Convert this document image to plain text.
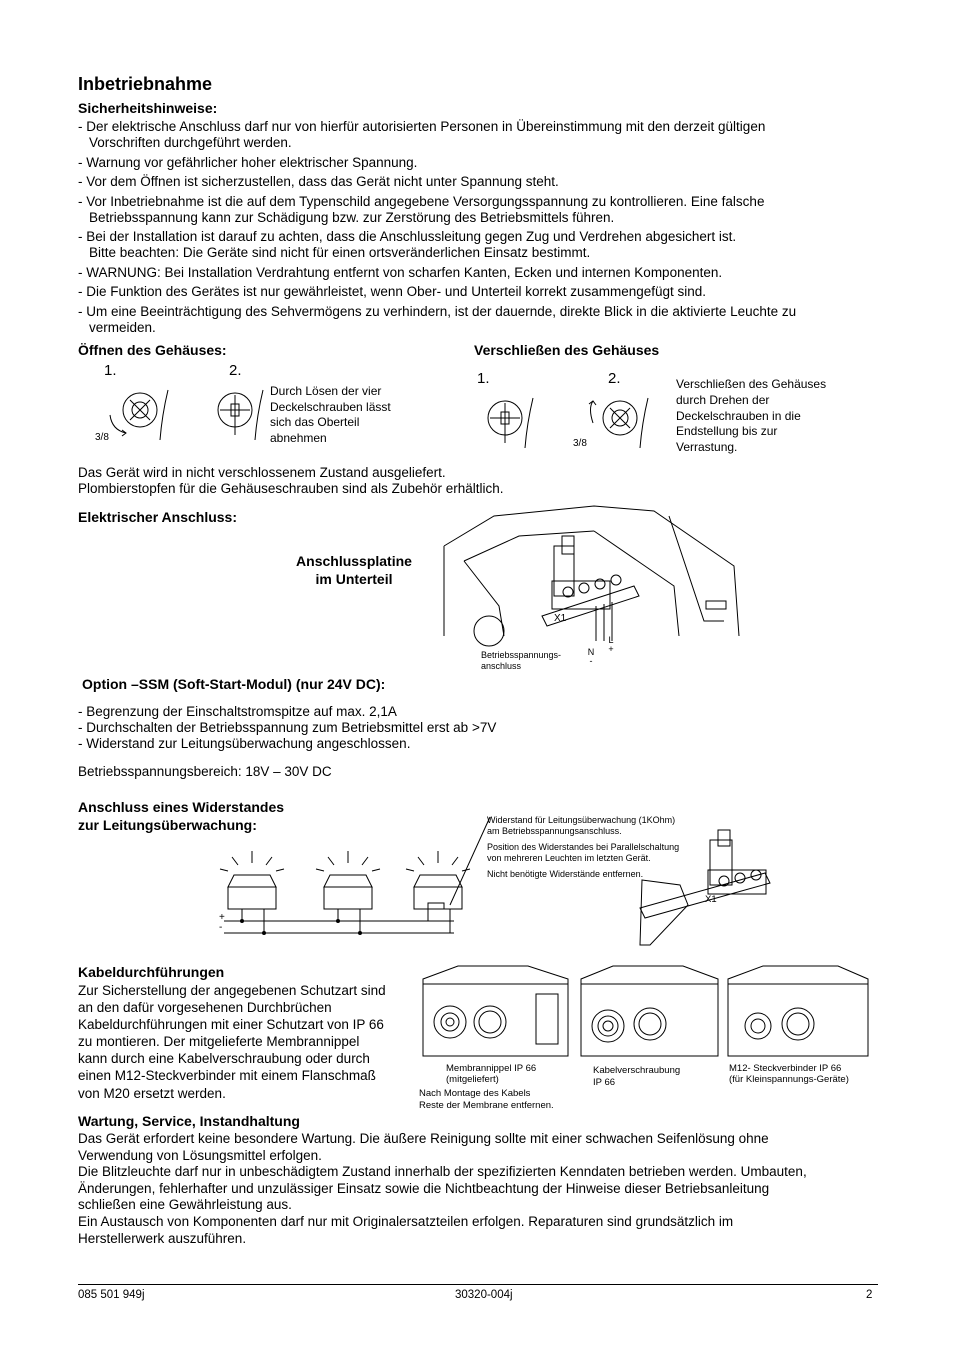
Inbetriebnahme
Sicherheitshinweise:
- Der elektrische Anschluss darf nur von hierfür autorisierten Personen in Übereinstimmung mit den derzeit gültigen
Vorschriften durchgeführt werden.
- Warnung vor gefährlicher hoher elektrischer Spannung.
- Vor dem Öffnen ist sicherzustellen, dass das Gerät nicht unter Spannung steht.
- Vor Inbetriebnahme ist die auf dem Typenschild angegebene Versorgungsspannung zu kontrollieren. Eine falsche
Betriebsspannung kann zur Schädigung bzw. zur Zerstörung des Betriebsmittels führen.
- Bei der Installation ist darauf zu achten, dass die Anschlussleitung gegen Zug und Verdrehen abgesichert ist.
Bitte beachten: Die Geräte sind nicht für einen ortsveränderlichen Einsatz bestimmt.
- WARNUNG: Bei Installation Verdrahtung entfernt von scharfen Kanten, Ecken und internen Komponenten.
- Die Funktion des Gerätes ist nur gewährleistet, wenn Ober- und Unterteil korrekt zusammengefügt sind.
- Um eine Beeinträchtigung des Sehvermögens zu verhindern, ist der dauernde, direkte Blick in die aktivierte Leuchte zu
vermeiden.
Öffnen des Gehäuses:
1.	2.
3/8
Durch Lösen der vier
Deckelschrauben lässt
sich das Oberteil
abnehmen
Verschließen des Gehäuses
1.	2.
3/8
Verschließen des Gehäuses
durch Drehen der
Deckelschrauben in die
Endstellung bis zur
Verrastung.
Das Gerät wird in nicht verschlossenem Zustand ausgeliefert.
Plombierstopfen für die Gehäuseschrauben sind als Zubehör erhältlich.
Elektrischer Anschluss:
Anschlussplatine
im Unterteil
X1
Betriebsspannungs-
anschluss
N
-
L
+
Option –SSM (Soft-Start-Modul) (nur 24V DC):
- Begrenzung der Einschaltstromspitze auf max. 2,1A
- Durchschalten der Betriebsspannung zum Betriebsmittel erst ab >7V
- Widerstand zur Leitungsüberwachung angeschlossen.
Betriebsspannungsbereich: 18V – 30V DC
Anschluss eines Widerstandes
zur Leitungsüberwachung:	Widerstand für Leitungsüberwachung (1KOhm)
am Betriebsspannungsanschluss.
Position des Widerstandes bei Parallelschaltung
von mehreren Leuchten im letzten Gerät.
Nicht benötigte Widerstände entfernen.
+
-
X1
Kabeldurchführungen
Zur Sicherstellung der angegebenen Schutzart sind
an den dafür vorgesehenen Durchbrüchen
Kabeldurchführungen mit einer Schutzart von IP 66
zu montieren. Der mitgelieferte Membrannippel
kann durch eine Kabelverschraubung oder durch
einen M12-Steckverbinder mit einem Flanschmaß
von M20 ersetzt werden.
Membrannippel IP 66
(mitgeliefert)
Nach Montage des Kabels
Reste der Membrane entfernen.
Kabelverschraubung
IP 66
M12- Steckverbinder IP 66
(für Kleinspannungs-Geräte)
Wartung, Service, Instandhaltung
Das Gerät erfordert keine besondere Wartung. Die äußere Reinigung sollte mit einer schwachen Seifenlösung ohne
Verwendung von Lösungsmittel erfolgen.
Die Blitzleuchte darf nur in unbeschädigtem Zustand innerhalb der spezifizierten Kenndaten betrieben werden. Umbauten,
Änderungen, fehlerhafter und unzulässiger Einsatz sowie die Nichtbeachtung der Hinweise dieser Betriebsanleitung
schließen eine Gewährleistung aus.
Ein Austausch von Komponenten darf nur mit Originalersatzteilen erfolgen. Reparaturen sind grundsätzlich im
Herstellerwerk auszuführen.
085 501 949j	30320-004j	2
